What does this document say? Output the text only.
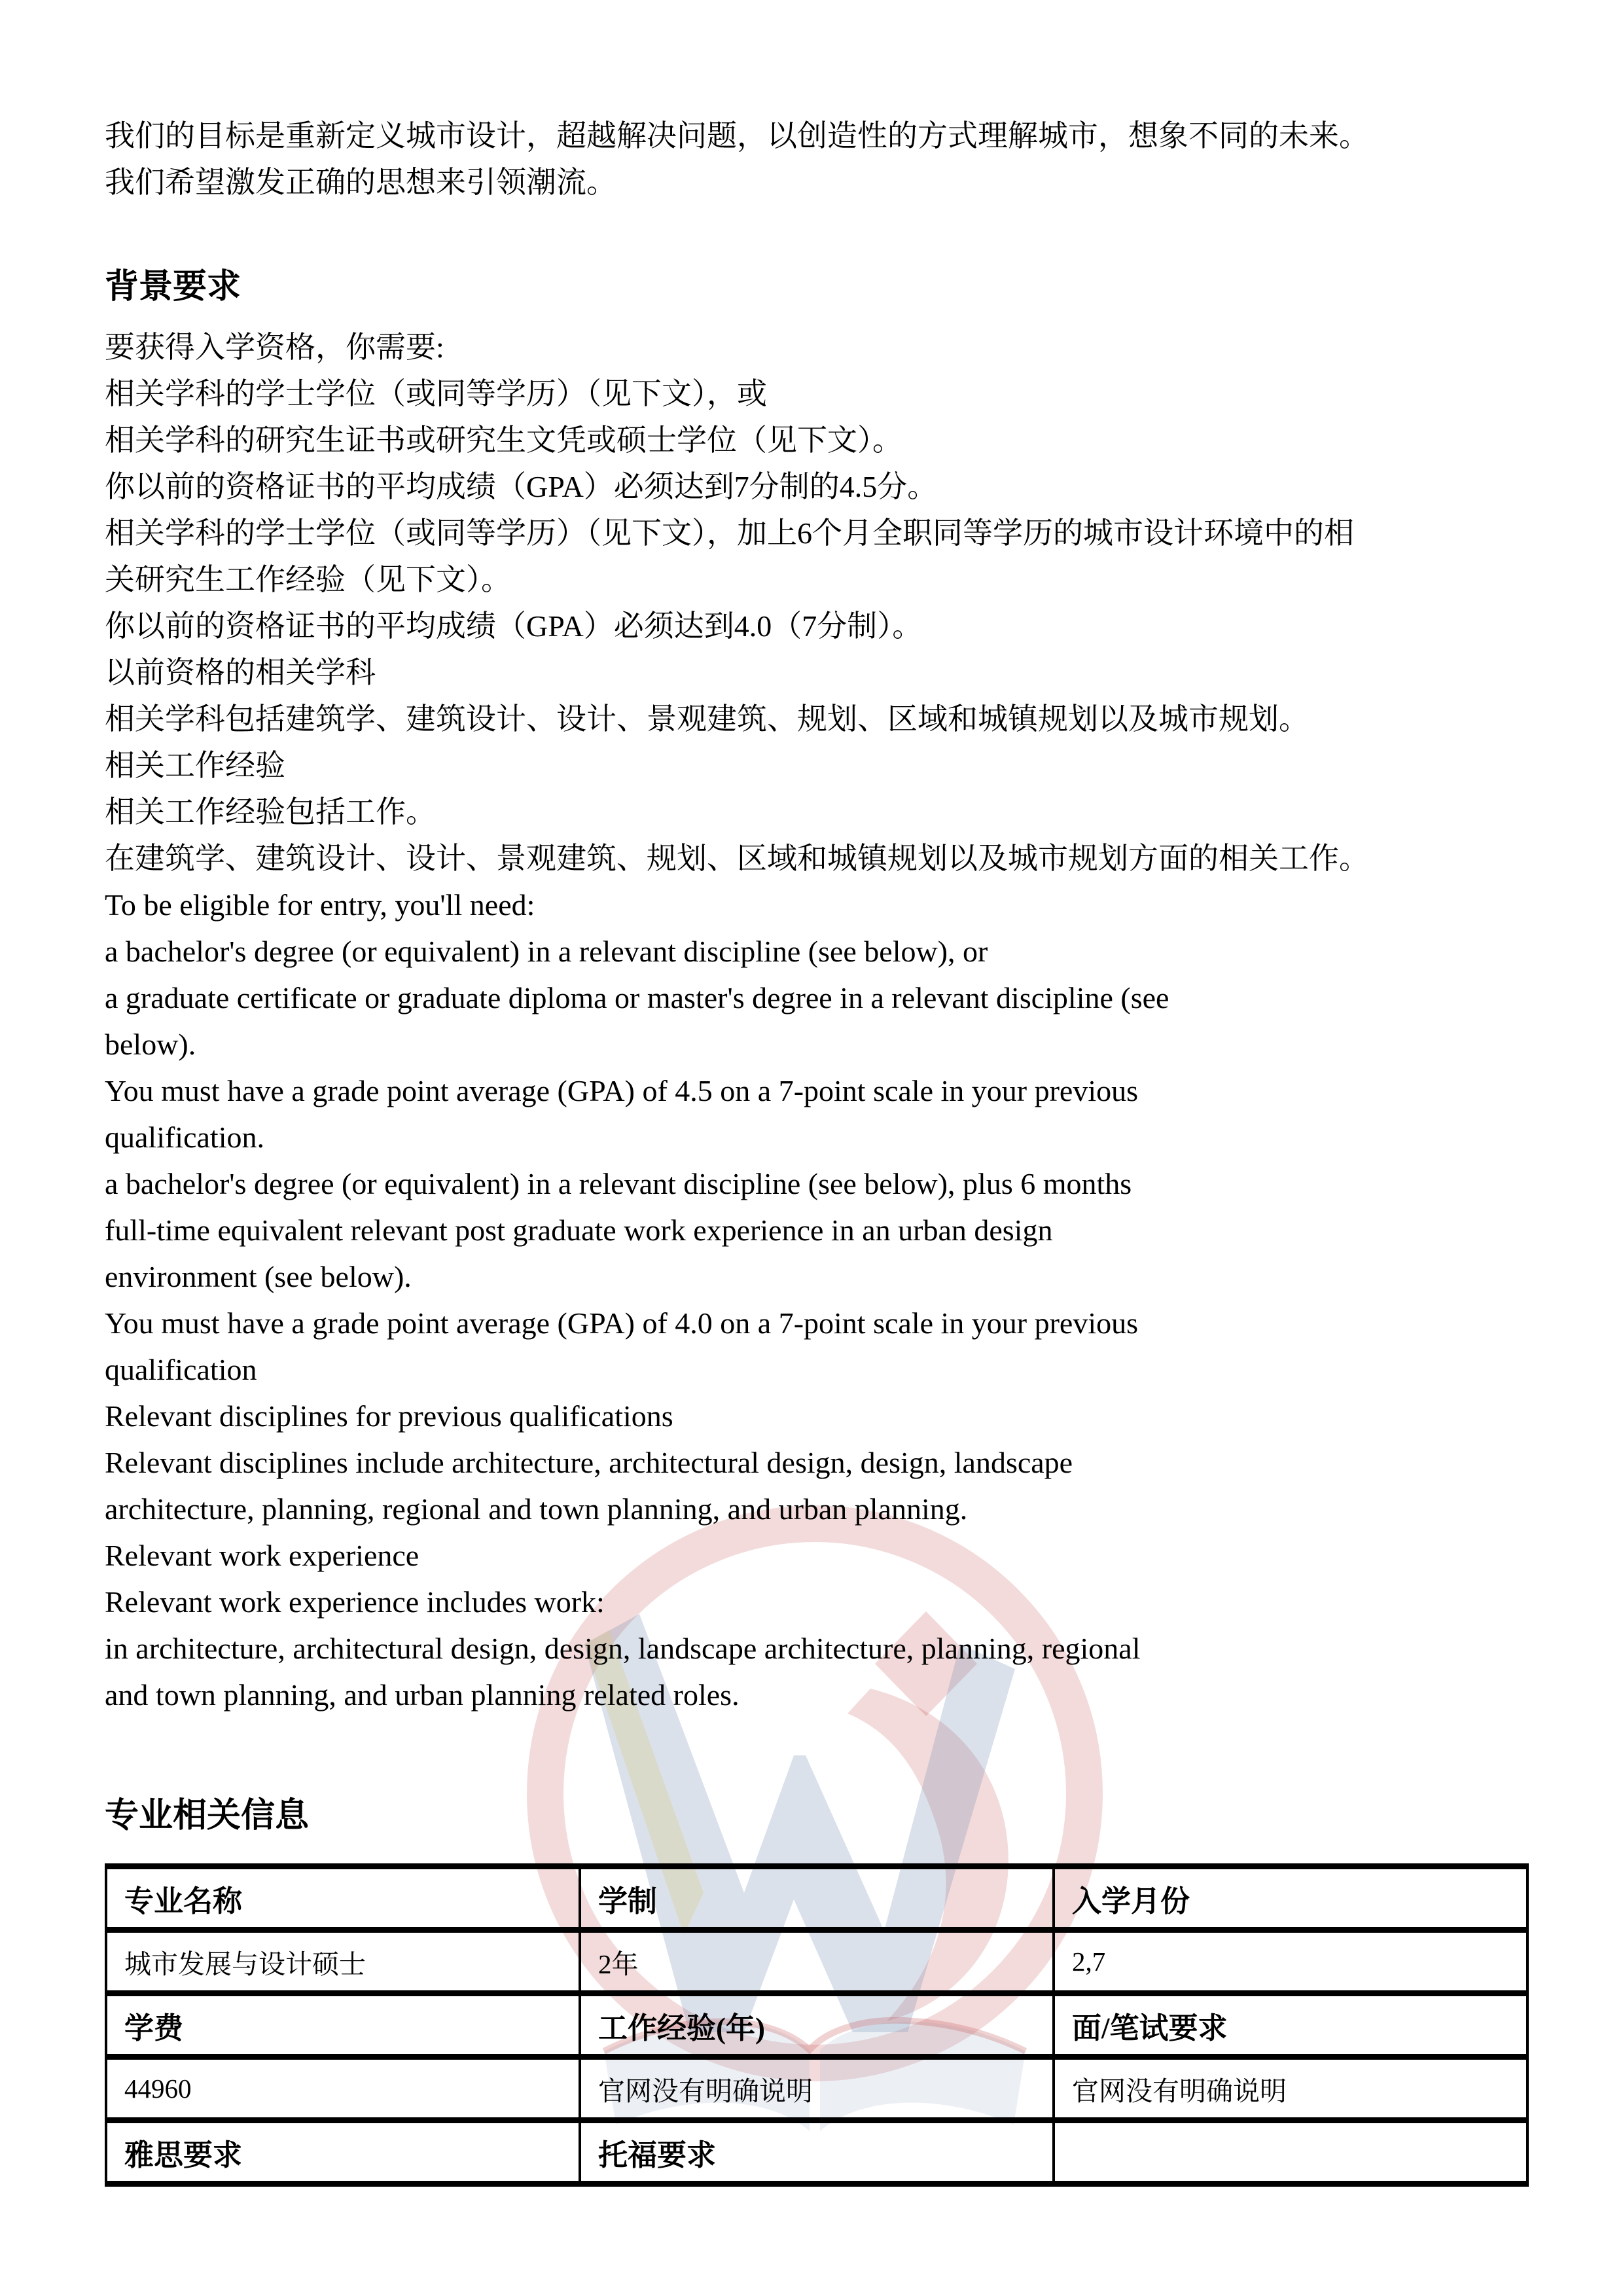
我们的目标是重新定义城市设计，超越解决问题，以创造性的方式理解城市，想象不同的未来。
我们希望激发正确的思想来引领潮流。
背景要求
要获得入学资格，你需要:
相关学科的学士学位（或同等学历）（见下文），或
相关学科的研究生证书或研究生文凭或硕士学位（见下文）。
你以前的资格证书的平均成绩（GPA）必须达到7分制的4.5分。
相关学科的学士学位（或同等学历）（见下文），加上6个月全职同等学历的城市设计环境中的相
关研究生工作经验（见下文）。
你以前的资格证书的平均成绩（GPA）必须达到4.0（7分制）。
以前资格的相关学科
相关学科包括建筑学、建筑设计、设计、景观建筑、规划、区域和城镇规划以及城市规划。
相关工作经验
相关工作经验包括工作。
在建筑学、建筑设计、设计、景观建筑、规划、区域和城镇规划以及城市规划方面的相关工作。
To be eligible for entry, you'll need:
a bachelor's degree (or equivalent) in a relevant discipline (see below), or
a graduate certificate or graduate diploma or master's degree in a relevant discipline (see
below).
You must have a grade point average (GPA) of 4.5 on a 7-point scale in your previous
qualification.
a bachelor's degree (or equivalent) in a relevant discipline (see below), plus 6 months
full-time equivalent relevant post graduate work experience in an urban design
environment (see below).
You must have a grade point average (GPA) of 4.0 on a 7-point scale in your previous
qualification
Relevant disciplines for previous qualifications
Relevant disciplines include architecture, architectural design, design, landscape
architecture, planning, regional and town planning, and urban planning.
Relevant work experience
Relevant work experience includes work:
in architecture, architectural design, design, landscape architecture, planning, regional
and town planning, and urban planning related roles.
专业相关信息
专业名称	学制	入学月份
城市发展与设计硕士	2年	2,7
学费	工作经验(年)	面/笔试要求
44960	官网没有明确说明	官网没有明确说明
雅思要求	托福要求	
